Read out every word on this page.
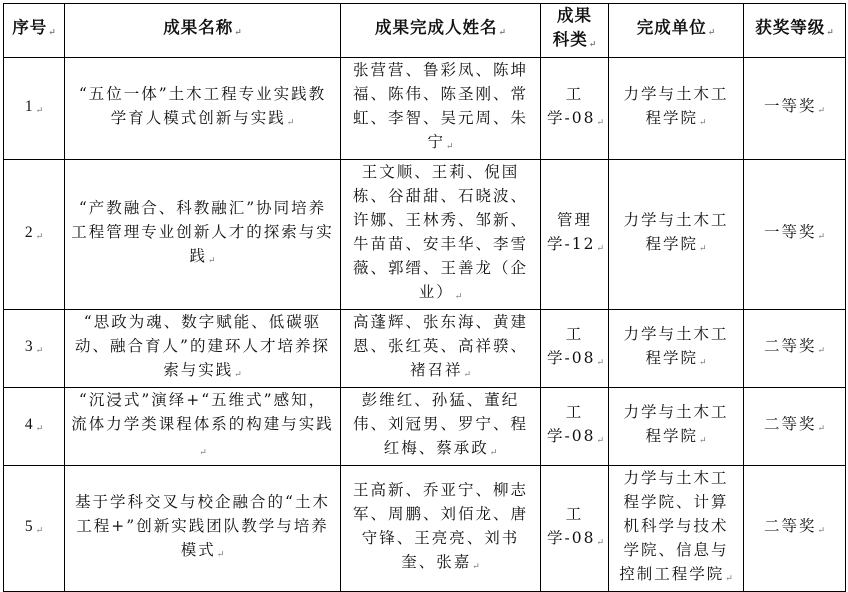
序号↵	成果名称↵	成果完成人姓名↵	成果
科类↵	完成单位↵	获奖等级↵
1↵	“五位一体”土木工程专业实践教学育人模式创新与实践↵	张营营、鲁彩凤、陈坤福、陈伟、陈圣刚、常虹、李智、吴元周、朱宁↵	工学-08↵	力学与土木工程学院↵	一等奖↵
2↵	“产教融合、科教融汇”协同培养工程管理专业创新人才的探索与实践↵	王文顺、王莉、倪国栋、谷甜甜、石晓波、许娜、王林秀、邹新、牛苗苗、安丰华、李雪薇、郭缙、王善龙（企业）↵	管理学-12↵	力学与土木工程学院↵	一等奖↵
3↵	“思政为魂、数字赋能、低碳驱动、融合育人”的建环人才培养探索与实践↵	高蓬辉、张东海、黄建恩、张红英、高祥骙、褚召祥↵	工学-08↵	力学与土木工程学院↵	二等奖↵
4↵	“沉浸式”演绎+“五维式”感知，流体力学类课程体系的构建与实践↵	彭维红、孙猛、董纪伟、刘冠男、罗宁、程红梅、蔡承政↵	工学-08↵	力学与土木工程学院↵	二等奖↵
5↵	基于学科交叉与校企融合的“土木工程+”创新实践团队教学与培养模式↵	王高新、乔亚宁、柳志军、周鹏、刘佰龙、唐守锋、王亮亮、刘书奎、张嘉↵	工学-08↵	力学与土木工程学院、计算机科学与技术学院、信息与控制工程学院↵	二等奖↵
